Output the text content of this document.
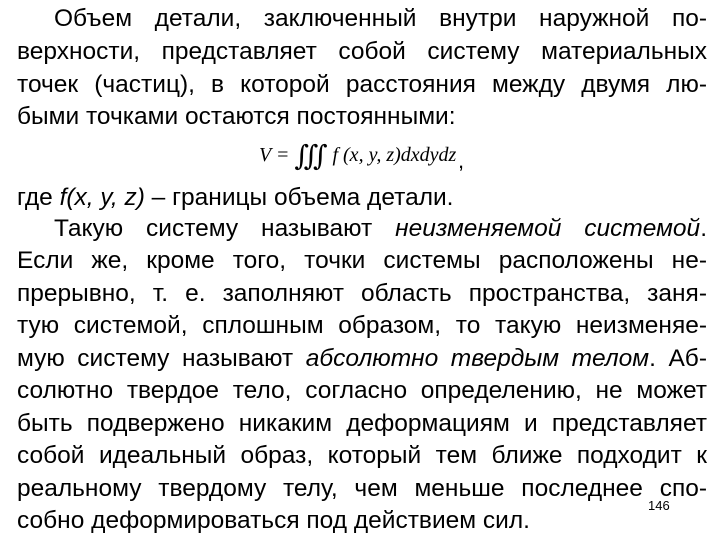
Объем детали, заключенный внутри наружной по-
верхности, представляет собой систему материальных
точек (частиц), в которой расстояния между двумя лю-
быми точками остаются постоянными:
V = ∭ f (x, y, z)dxdydz ,
где f(x, y, z) – границы объема детали.
Такую систему называют неизменяемой системой.
Если же, кроме того, точки системы расположены не-
прерывно, т. е. заполняют область пространства, заня-
тую системой, сплошным образом, то такую неизменяе-
мую систему называют абсолютно твердым телом. Аб-
солютно твердое тело, согласно определению, не может
быть подвержено никаким деформациям и представляет
собой идеальный образ, который тем ближе подходит к
реальному твердому телу, чем меньше последнее спо-
собно деформироваться под действием сил.
146
